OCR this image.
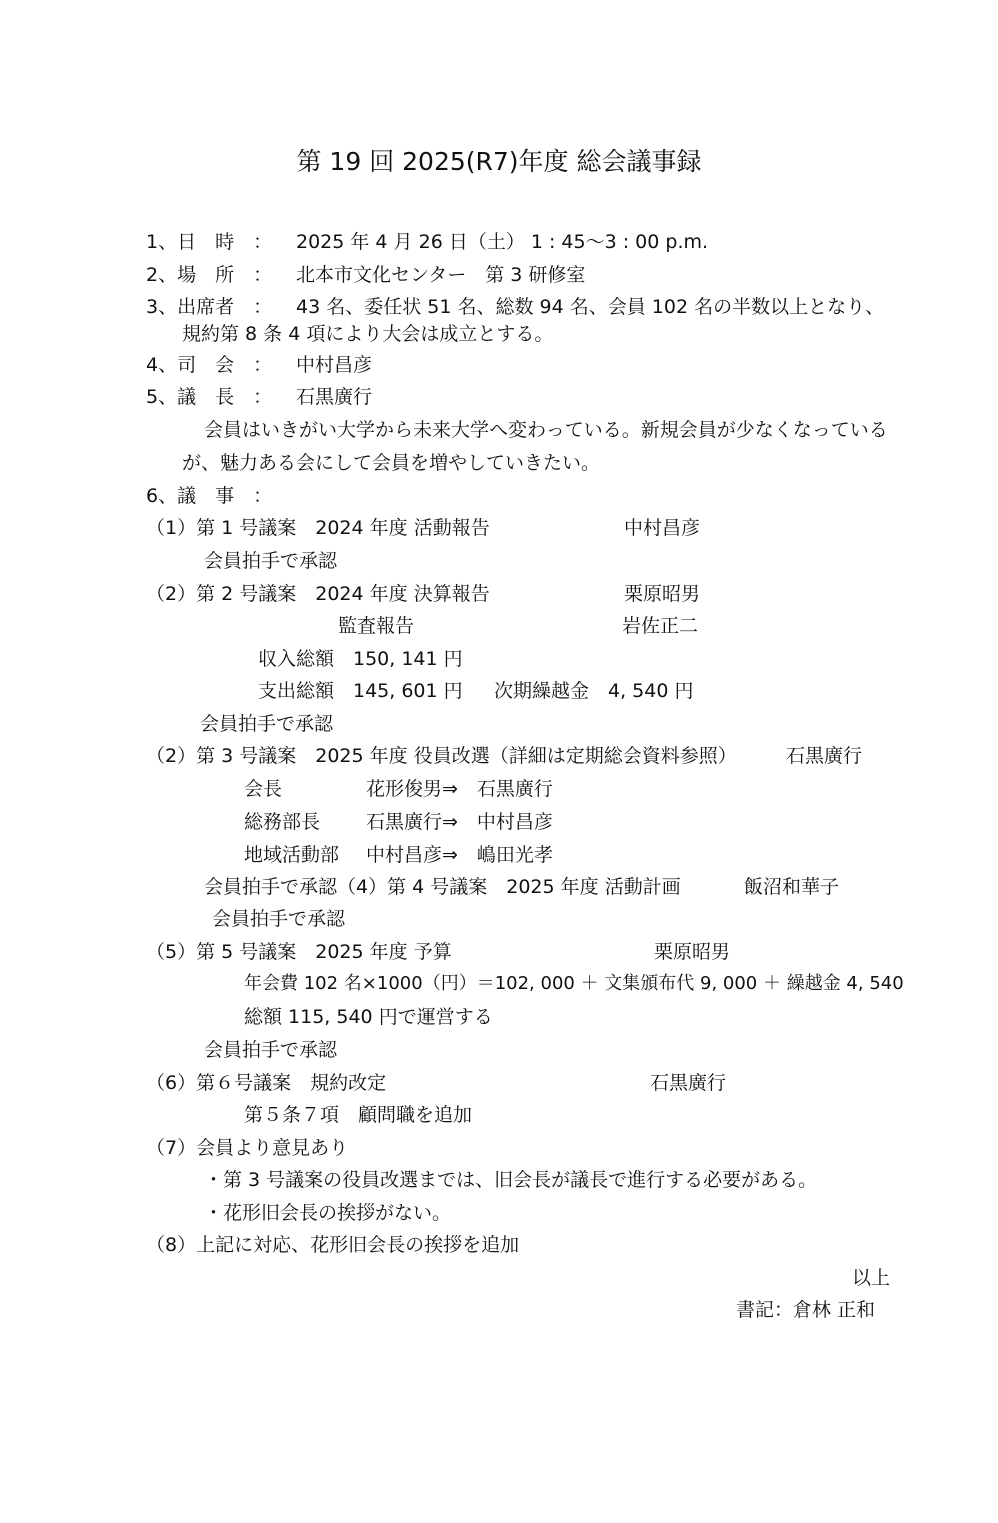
第 19 回 2025(R7)年度 総会議事録
1、日　時　： 2025 年 4 月 26 日（土） 1 : 45～3 : 00 p.m.
2、場　所　： 北本市文化センター　第 3 研修室
3、出席者　： 43 名、委任状 51 名、総数 94 名、会員 102 名の半数以上となり、
規約第 8 条 4 項により大会は成立とする。
4、司　会　： 中村昌彦
5、議　長　： 石黒廣行
会員はいきがい大学から未来大学へ変わっている。新規会員が少なくなっている
が、魅力ある会にして会員を増やしていきたい。
6、議　事　：
（1）第 1 号議案　2024 年度 活動報告	中村昌彦
会員拍手で承認
（2）第 2 号議案　2024 年度 決算報告	栗原昭男
監査報告	岩佐正二
収入総額　150, 141 円
支出総額　145, 601 円 次期繰越金　4, 540 円
会員拍手で承認
（2）第 3 号議案　2025 年度 役員改選（詳細は定期総会資料参照）	石黒廣行
会長	花形俊男⇒　石黒廣行
総務部長 石黒廣行⇒　中村昌彦
地域活動部 中村昌彦⇒　嶋田光孝
会員拍手で承認（4）第 4 号議案　2025 年度 活動計画	飯沼和華子
会員拍手で承認
（5）第 5 号議案　2025 年度 予算	栗原昭男
年会費 102 名×1000（円）＝102, 000 ＋ 文集頒布代 9, 000 ＋ 繰越金 4, 540
総額 115, 540 円で運営する
会員拍手で承認
（6）第６号議案　規約改定	石黒廣行
第５条７項　顧問職を追加
（7）会員より意見あり
・第 3 号議案の役員改選までは、旧会長が議長で進行する必要がある。
・花形旧会長の挨拶がない。
（8）上記に対応、花形旧会長の挨拶を追加
以上
書記：倉林 正和
